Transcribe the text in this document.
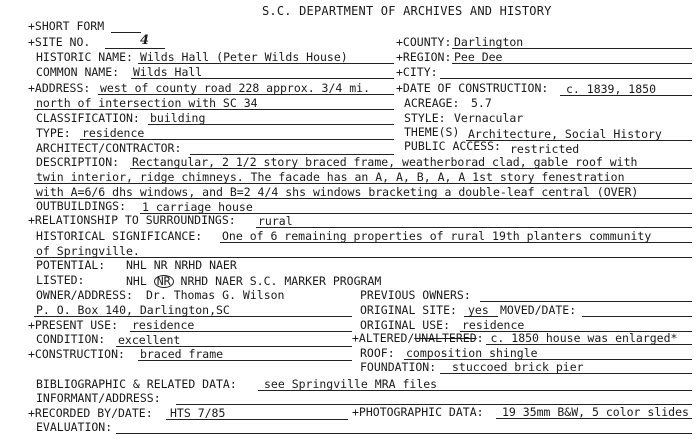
S.C. DEPARTMENT OF ARCHIVES AND HISTORY
+SHORT FORM
+SITE NO.	4	+COUNTY: Darlington
HISTORIC NAME: Wilds Hall (Peter Wilds House)	+REGION: Pee Dee
COMMON NAME: Wilds Hall	+CITY:
+ADDRESS: west of county road 228 approx. 3/4 mi. +DATE OF CONSTRUCTION: c. 1839, 1850
north of intersection with SC 34	ACREAGE: 5.7
CLASSIFICATION: building	STYLE: Vernacular
TYPE: residence	THEME(S) Architecture, Social History
ARCHITECT/CONTRACTOR:	PUBLIC ACCESS: restricted
DESCRIPTION: Rectangular, 2 1/2 story braced frame, weatherborad clad, gable roof with
twin interior, ridge chimneys. The facade has an A, A, B, A, A 1st story fenestration
with A=6/6 dhs windows, and B=2 4/4 shs windows bracketing a double-leaf central (OVER)
OUTBUILDINGS: 1 carriage house
+RELATIONSHIP TO SURROUNDINGS: rural
HISTORICAL SIGNIFICANCE: One of 6 remaining properties of rural 19th planters community
of Springville.
POTENTIAL: NHL NR NRHD NAER
LISTED:	NHL NR NRHD NAER S.C. MARKER PROGRAM
OWNER/ADDRESS: Dr. Thomas G. Wilson	PREVIOUS OWNERS:
P. O. Box 140, Darlington,SC	ORIGINAL SITE: yes MOVED/DATE:
+PRESENT USE: residence	ORIGINAL USE: residence
CONDITION: excellent	+ALTERED/UNALTERED: c. 1850 house was enlarged*
+CONSTRUCTION: braced frame	ROOF: composition shingle
FOUNDATION: stuccoed brick pier
BIBLIOGRAPHIC & RELATED DATA: see Springville MRA files
INFORMANT/ADDRESS:
+RECORDED BY/DATE: HTS 7/85	+PHOTOGRAPHIC DATA: 19 35mm B&W, 5 color slides
EVALUATION:
